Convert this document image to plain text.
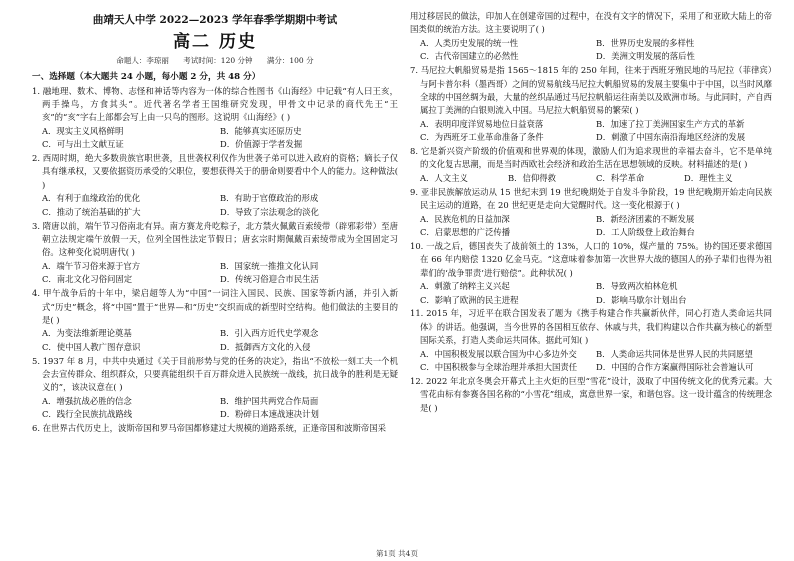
曲靖天人中学 2022—2023 学年春季学期期中考试
高二 历史
命题人：李琼丽 考试时间：120 分钟 满分：100 分
一、选择题（本大题共 24 小题，每小题 2 分，共 48 分）
1. 融地理、数术、博物、志怪和神话等内容为一体的综合性图书《山海经》中记载“有人曰王亥，两手操鸟，方食其头”。近代著名学者王国维研究发现，甲骨文中记录的商代先王“王亥”的“亥”字右上部都会写上由一只鸟的图形。这说明《山海经》( )
A．现实主义风格鲜明	B．能够真实还原历史
C．可与出土文献互证	D．价值源于学者发掘
2. 西周时期，绝大多数贵族官职世袭，且世袭权利仅作为世袭子弟可以进入政府的资格；嫡长子仅具有继承权，又要依据资历承受的父职位，要想获得关于的册命则要看中个人的能力。这种做法( )
A．有利于血缘政治的优化	B．有助于官僚政治的形成
C．推动了统治基础的扩大	D．导致了宗法观念的淡化
3. 隋唐以前，端午节习俗南北有异。南方赛龙舟吃粽子，北方禁火佩戴百索绫带（辟邪彩带）至唐朝立法规定端午放假一天，位列全国性法定节假日；唐玄宗时期佩戴百索绫带成为全国固定习俗。这种变化说明唐代( )
A．端午节习俗来源于官方	B．国家统一推推文化认同
C．南北文化习俗问固定	D．传统习俗迎合市民生活
4. 甲午战争后的十年中，梁启超等人为“中国”一词注入国民、民族、国家等新内涵，并引入新式“历史”概念，将“中国”置于“世界—和“历史”交织而成的新型时空结构。他们做法的主要目的是( )
A．为变法维新理论奠基	B．引入西方近代史学观念
C．使中国人教广图存意识	D．抵御西方文化的入侵
5. 1937 年 8 月，中共中央通过《关于目前形势与党的任务的决定》，指出“不放松一刻工夫一个机会去宣传群众、组织群众，只要真能组织千百万群众进入民族统一战线，抗日战争的胜利是无疑义的”，该决议意在( )
A．增强抗战必胜的信念	B．维护国共两党合作局面
C．践行全民族抗战路线	D．粉碎日本速战速决计划
6. 在世界古代历史上，波斯帝国和罗马帝国都修建过大规模的道路系统，正逢帝国和波斯帝国采
用过移居民的做法，印加人在创建帝国的过程中，在没有文字的情况下，采用了和亚欧大陆上的帝国类似的统治方法。这主要说明了( )
A．人类历史发展的统一性	B．世界历史发展的多样性
C．古代帝国建立的必然性	D．美洲文明发展的落后性
7. 马尼拉大帆船贸易是指 1565～1815 年的 250 年间，往来于西班牙殖民地的马尼拉（菲律宾）与阿卡普尔科（墨西哥）之间的贸易航线马尼拉大帆船贸易的发展主要集中于中国，以当时风靡全球的中国丝绸为最，大量的丝织品通过马尼拉帆船运往南美以及欧洲市场。与此同时，产自西属拉丁美洲的白银则流入中国。马尼拉大帆船贸易的繁荣( )
A．表明印度洋贸易地位日益衰落	B．加速了拉丁美洲国家生产方式的革新
C．为西班牙工业革命准备了条件	D．刺激了中国东南沿海地区经济的发展
8. 它是新兴资产阶级的价值观和世界观的体现，激励人们为追求现世的幸福去奋斗，它不是单纯的文化复古思潮，而是当时西欧社会经济和政治生活在思想领域的反映。材料描述的是( )
A．人文主义	B．信仰得救	C．科学革命	D．理性主义
9. 亚非民族解放运动从 15 世纪末到 19 世纪晚期处于自发斗争阶段，19 世纪晚期开始走向民族民主运动的道路，在 20 世纪更是走向大觉醒时代。这一变化根源于( )
A．民族危机的日益加深	B．新经济团素的不断发展
C．启蒙思想的广泛传播	D．工人阶级登上政治舞台
10. 一战之后，德国丧失了战前领土的 13%，人口的 10%，煤产量的 75%。协约国还要求德国在 66 年内赔偿 1320 亿金马克。“这意味着参加第一次世界大战的德国人的孙子辈们也得为祖辈们的‘战争罪责’进行赔偿”。此种状况( )
A．刺激了纳粹主义兴起	B．导致两次柏林危机
C．影响了欧洲的民主进程	D．影响马歇尔计划出台
11. 2015 年，习近平在联合国发表了题为《携手构建合作共赢新伙伴，同心打造人类命运共同体》的讲话。他强调，当今世界的各国相互依存、休戚与共，我们构建以合作共赢为核心的新型国际关系，打造人类命运共同体。据此可知( )
A．中国积极发展以联合国为中心多边外交	B．人类命运共同体是世界人民的共同愿望
C．中国积极参与全球治理并承担大国责任	D．中国的合作方案赢得国际社会普遍认可
12. 2022 年北京冬奥会开幕式上主火炬的巨型“雪花”设计，汲取了中国传统文化的优秀元素。大雪花由标有参赛各国名称的“小雪花”组成，寓意世界一家，和谐包容。这一设计蕴含的传统理念是( )
第1页 共4页
